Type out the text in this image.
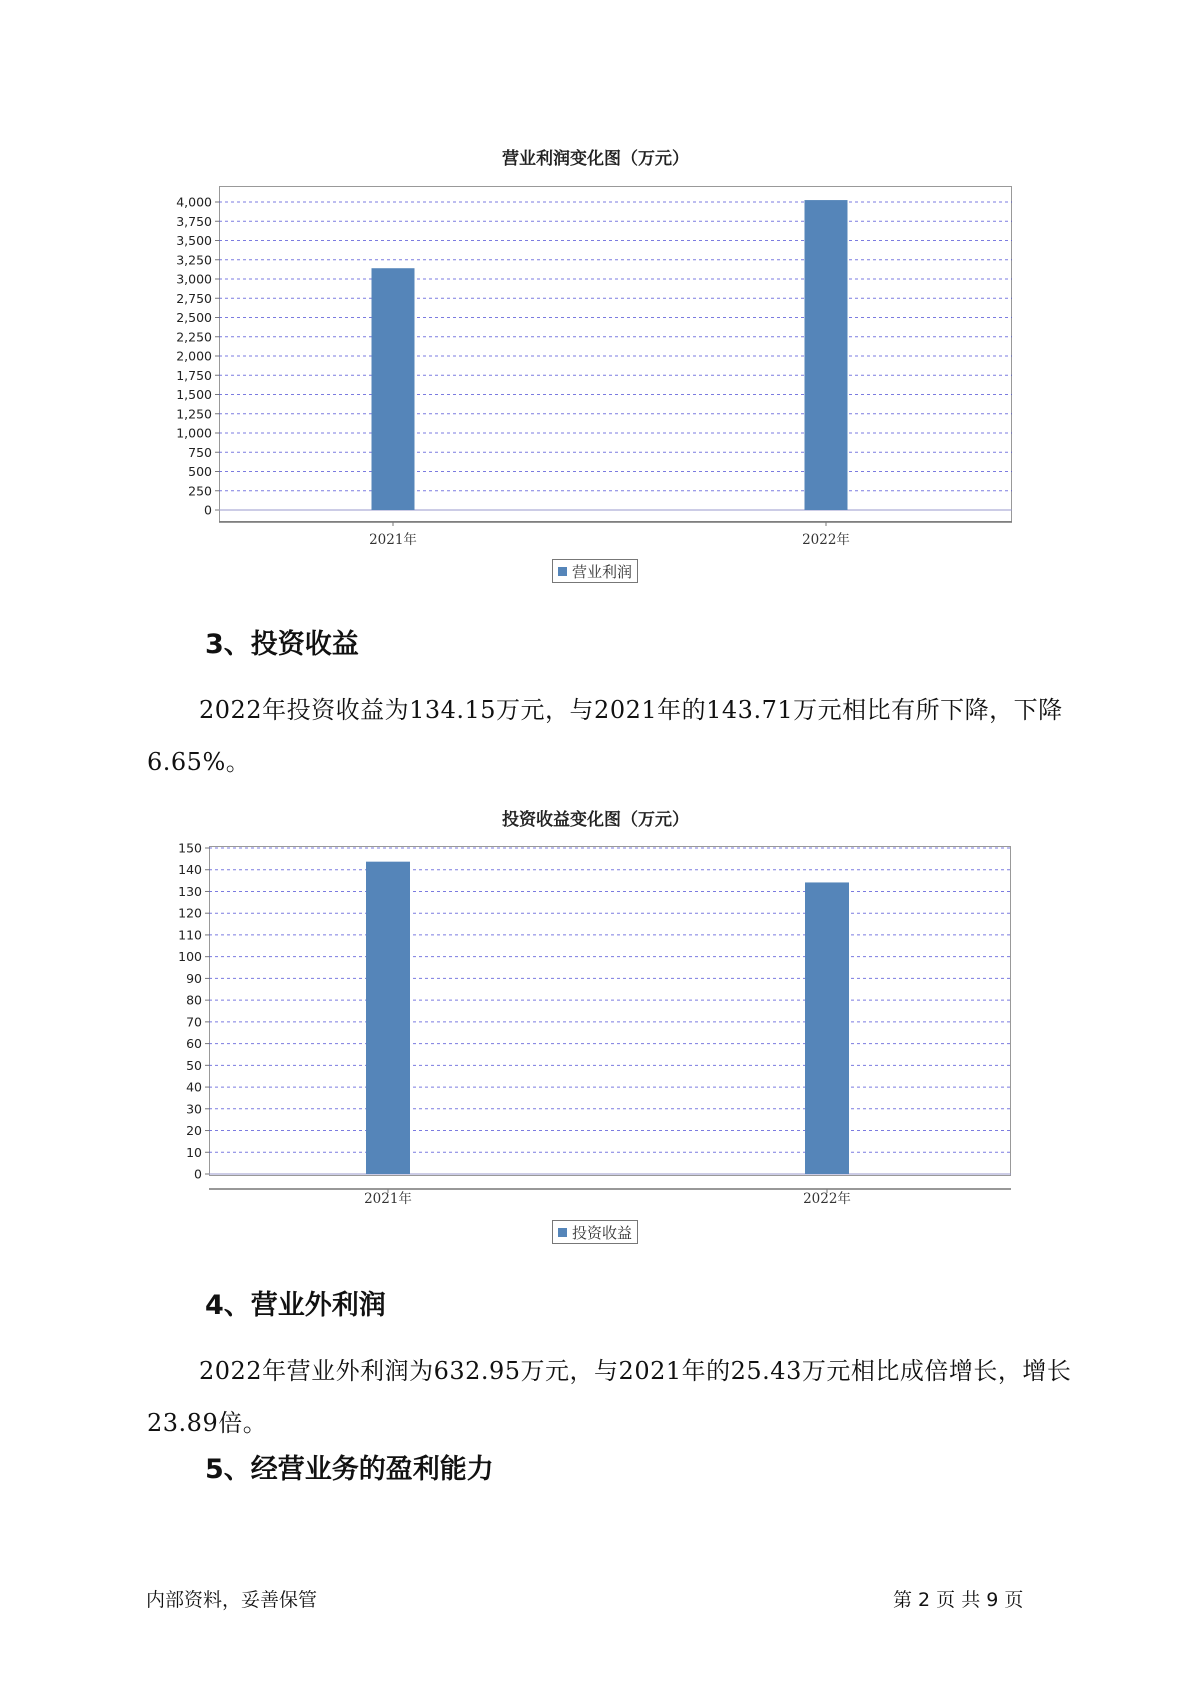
营业利润变化图（万元）
0
250
500
750
1,000
1,250
1,500
1,750
2,000
2,250
2,500
2,750
3,000
3,250
3,500
3,750
4,000
2021年	2022年
营业利润
3、投资收益
2022年投资收益为134.15万元，与2021年的143.71万元相比有所下降，下降6.65%。
投资收益变化图（万元）
0
10
20
30
40
50
60
70
80
90
100
110
120
130
140
150
2021年	2022年
投资收益
4、营业外利润
2022年营业外利润为632.95万元，与2021年的25.43万元相比成倍增长，增长23.89倍。
5、经营业务的盈利能力
内部资料，妥善保管	第 2 页 共 9 页
